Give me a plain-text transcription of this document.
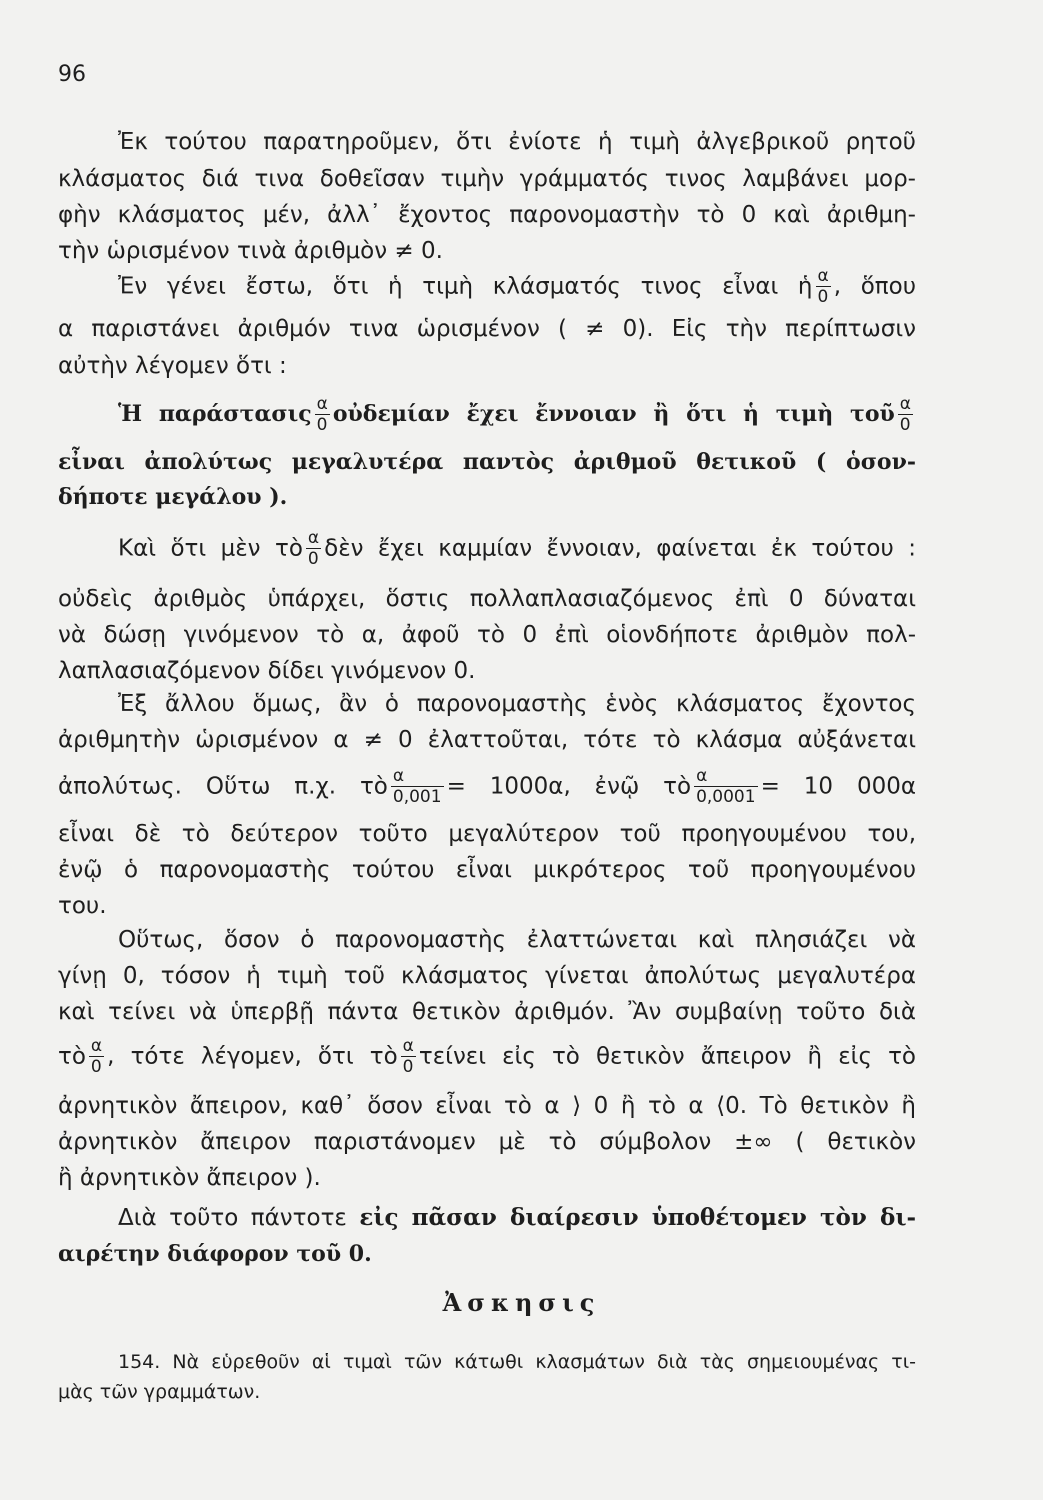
96
Ἐκ τούτου παρατηροῦμεν, ὅτι ἐνίοτε ἡ τιμὴ ἀλγεβρικοῦ ρητοῦ
κλάσματος διά τινα δοθεῖσαν τιμὴν γράμματός τινος λαμβάνει μορ-
φὴν κλάσματος μέν, ἀλλ᾽ ἔχοντος παρονομαστὴν τὸ 0 καὶ ἀριθμη-
τὴν ὡρισμένον τινὰ ἀριθμὸν ≠ 0.
Ἐν γένει ἔστω, ὅτι ἡ τιμὴ κλάσματός τινος εἶναι ἡ $\frac{\alpha}{0}$ , ὅπου
α παριστάνει ἀριθμόν τινα ὡρισμένον ( ≠ 0). Εἰς τὴν περίπτωσιν
αὐτὴν λέγομεν ὅτι :
Ἡ παράστασις $\frac{\alpha}{0}$ οὐδεμίαν ἔχει ἔννοιαν ἢ ὅτι ἡ τιμὴ τοῦ $\frac{\alpha}{0}$
εἶναι ἀπολύτως μεγαλυτέρα παντὸς ἀριθμοῦ θετικοῦ ( ὁσον-
δήποτε μεγάλου ).
Καὶ ὅτι μὲν τὸ $\frac{\alpha}{0}$ δὲν ἔχει καμμίαν ἔννοιαν, φαίνεται ἐκ τούτου :
οὐδεὶς ἀριθμὸς ὑπάρχει, ὅστις πολλαπλασιαζόμενος ἐπὶ 0 δύναται
νὰ δώσῃ γινόμενον τὸ α, ἀφοῦ τὸ 0 ἐπὶ οἱονδήποτε ἀριθμὸν πολ-
λαπλασιαζόμενον δίδει γινόμενον 0.
Ἐξ ἄλλου ὅμως, ἂν ὁ παρονομαστὴς ἑνὸς κλάσματος ἔχοντος
ἀριθμητὴν ὡρισμένον α ≠ 0 ἐλαττοῦται, τότε τὸ κλάσμα αὐξάνεται
ἀπολύτως. Οὕτω π.χ. τὸ $\frac{\alpha}{0,001} = 1000\alpha$, ἐνῷ τὸ $\frac{\alpha}{0,0001} = 10$ 000α
εἶναι δὲ τὸ δεύτερον τοῦτο μεγαλύτερον τοῦ προηγουμένου του,
ἐνῷ ὁ παρονομαστὴς τούτου εἶναι μικρότερος τοῦ προηγουμένου
του.
Οὕτως, ὅσον ὁ παρονομαστὴς ἐλαττώνεται καὶ πλησιάζει νὰ
γίνῃ 0, τόσον ἡ τιμὴ τοῦ κλάσματος γίνεται ἀπολύτως μεγαλυτέρα
καὶ τείνει νὰ ὑπερβῇ πάντα θετικὸν ἀριθμόν. Ἂν συμβαίνῃ τοῦτο διὰ
τὸ $\frac{\alpha}{0}$ , τότε λέγομεν, ὅτι τὸ $\frac{\alpha}{0}$ τείνει εἰς τὸ θετικὸν ἄπειρον ἢ εἰς τὸ
ἀρνητικὸν ἄπειρον, καθ᾽ ὅσον εἶναι τὸ α ⟩ 0 ἢ τὸ α ⟨0. Τὸ θετικὸν ἢ
ἀρνητικὸν ἄπειρον παριστάνομεν μὲ τὸ σύμβολον ±∞ ( θετικὸν
ἢ ἀρνητικὸν ἄπειρον ).
Διὰ τοῦτο πάντοτε εἰς πᾶσαν διαίρεσιν ὑποθέτομεν τὸν δι-
αιρέτην διάφορον τοῦ 0.
Ἀσκησις
154. Νὰ εὑρεθοῦν αἱ τιμαὶ τῶν κάτωθι κλασμάτων διὰ τὰς σημειουμένας τι-
μὰς τῶν γραμμάτων.
